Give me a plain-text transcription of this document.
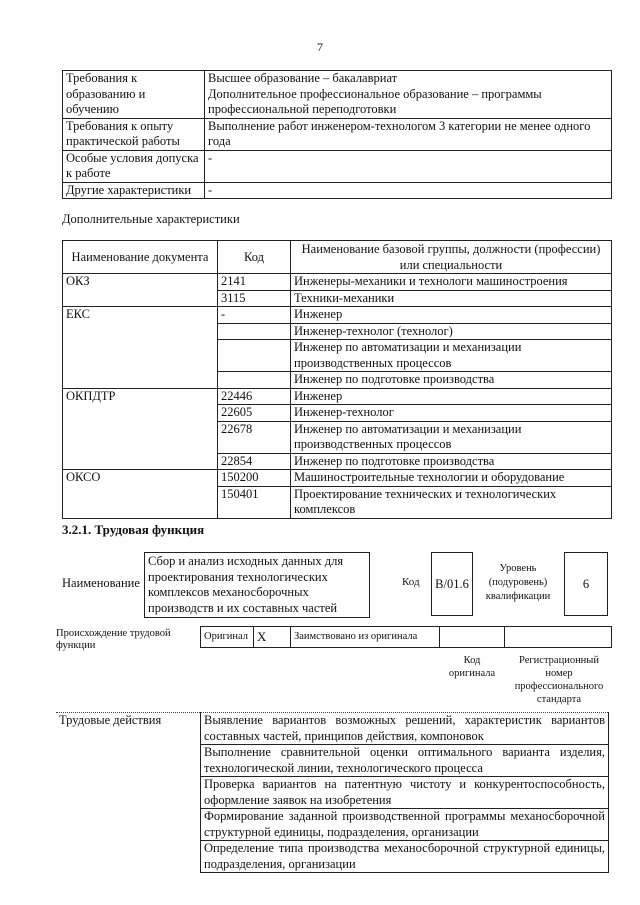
7
Требования к образованию и обучению	Высшее образование – бакалавриат
Дополнительное профессиональное образование – программы профессиональной переподготовки

Требования к опыту практической работы	Выполнение работ инженером-технологом 3 категории не менее одного года

Особые условия допуска к работе	-

Другие характеристики	-
Дополнительные характеристики
Наименование документа	Код	Наименование базовой группы, должности (профессии) или специальности
ОКЗ	2141	Инженеры-механики и технологи машиностроения
	3115	Техники-механики
ЕКС	-	Инженер
		Инженер-технолог (технолог)
		Инженер по автоматизации и механизации производственных процессов
		Инженер по подготовке производства
ОКПДТР	22446	Инженер
	22605	Инженер-технолог
	22678	Инженер по автоматизации и механизации производственных процессов
	22854	Инженер по подготовке производства
ОКСО	150200	Машиностроительные технологии и оборудование
	150401	Проектирование технических и технологических комплексов
3.2.1. Трудовая функция
Наименование
Сбор и анализ исходных данных для проектирования технологических комплексов механосборочных производств и их составных частей
Код	B/01.6
Уровень (подуровень) квалификации
6
Происхождение трудовой функции
Оригинал X	Заимствовано из оригинала
Код оригинала
Регистрационный номер профессионального стандарта
Трудовые действия	Выявление вариантов возможных решений, характеристик вариантов составных частей, принципов действия, компоновок
Выполнение сравнительной оценки оптимального варианта изделия, технологической линии, технологического процесса
Проверка вариантов на патентную чистоту и конкурентоспособность, оформление заявок на изобретения
Формирование заданной производственной программы механосборочной структурной единицы, подразделения, организации
Определение типа производства механосборочной структурной единицы, подразделения, организации
